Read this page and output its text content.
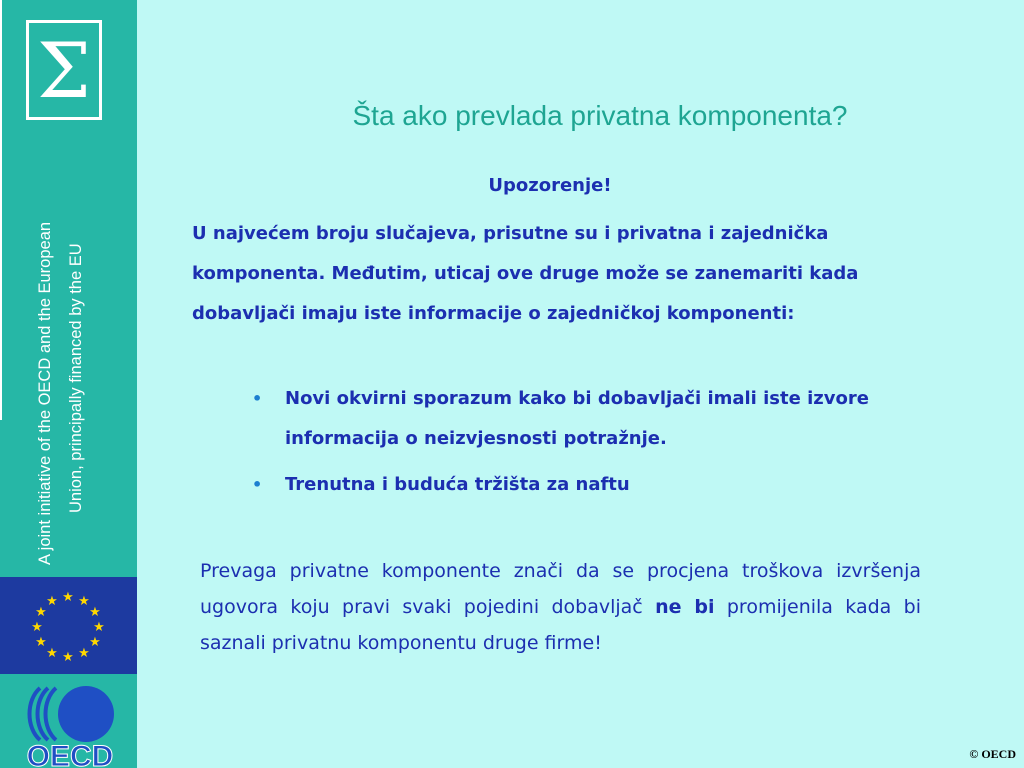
Σ
A joint initiative of the OECD and the European Union, principally financed by the EU
★ ★
★
★
★
★
★
★
★
★
★
★
OECD
Šta ako prevlada privatna komponenta?
Upozorenje!
U najvećem broju slučajeva, prisutne su i privatna i zajednička komponenta. Međutim, uticaj ove druge može se zanemariti kada dobavljači imaju iste informacije o zajedničkoj komponenti:
• Novi okvirni sporazum kako bi dobavljači imali iste izvore informacija o neizvjesnosti potražnje.
• Trenutna i buduća tržišta za naftu
Prevaga privatne komponente znači da se procjena troškova izvršenja ugovora koju pravi svaki pojedini dobavljač ne bi promijenila kada bi saznali privatnu komponentu druge firme!
© OECD
